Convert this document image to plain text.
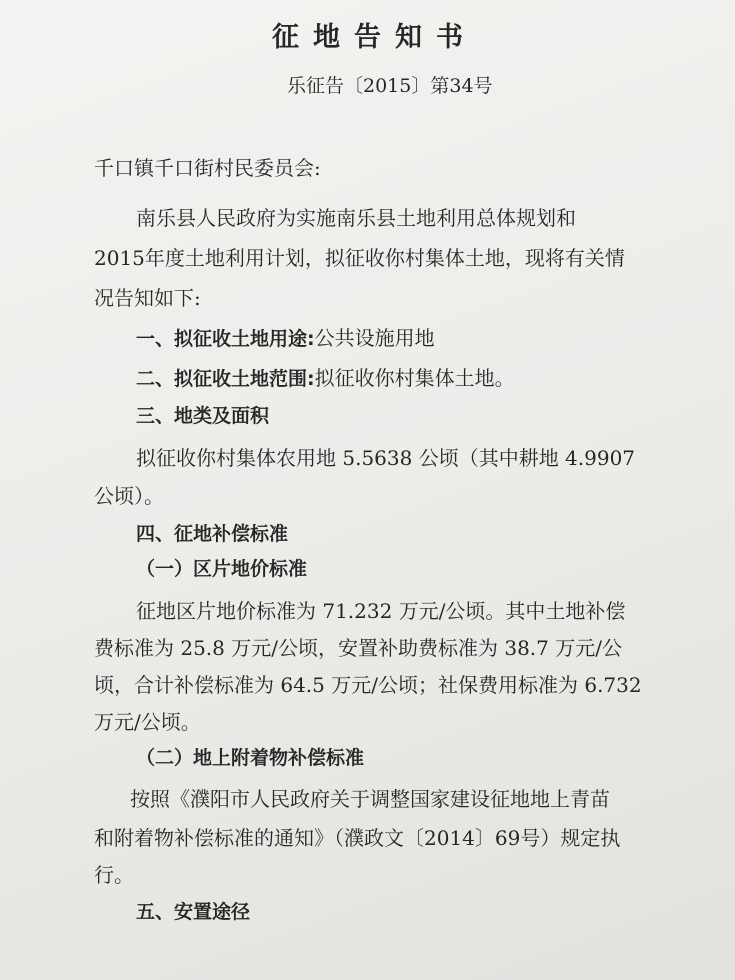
征地告知书
乐征告〔2015〕第34号
千口镇千口街村民委员会:
南乐县人民政府为实施南乐县土地利用总体规划和
2015年度土地利用计划，拟征收你村集体土地，现将有关情
况告知如下:
一、拟征收土地用途:公共设施用地
二、拟征收土地范围:拟征收你村集体土地。
三、地类及面积
拟征收你村集体农用地 5.5638 公顷（其中耕地 4.9907
公顷）。
四、征地补偿标准
（一）区片地价标准
征地区片地价标准为 71.232 万元/公顷。其中土地补偿
费标准为 25.8 万元/公顷，安置补助费标准为 38.7 万元/公
顷，合计补偿标准为 64.5 万元/公顷；社保费用标准为 6.732
万元/公顷。
（二）地上附着物补偿标准
按照《濮阳市人民政府关于调整国家建设征地地上青苗
和附着物补偿标准的通知》（濮政文〔2014〕69号）规定执
行。
五、安置途径
